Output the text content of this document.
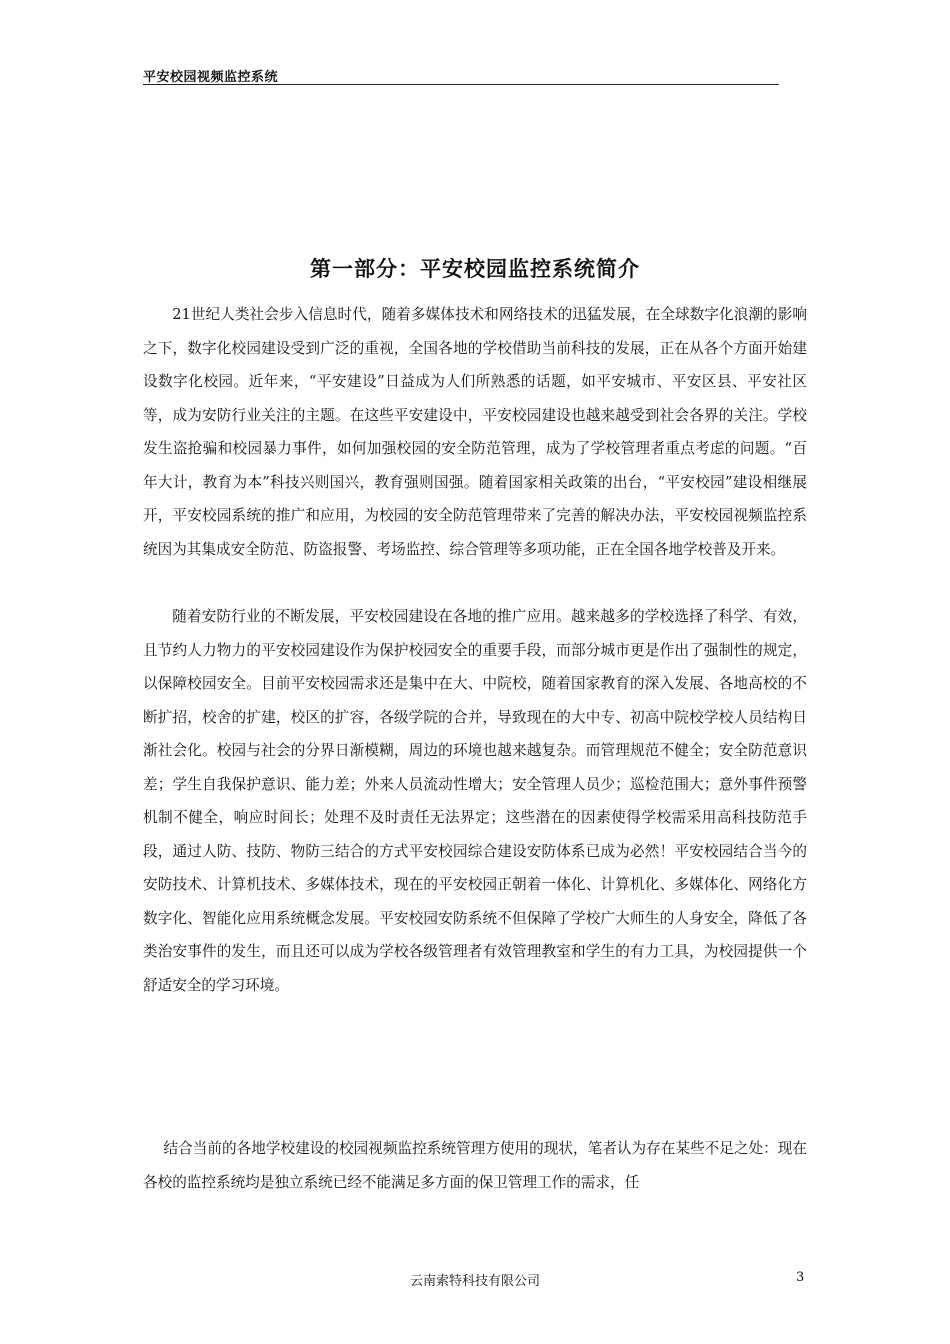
平安校园视频监控系统
第一部分：平安校园监控系统简介

21世纪人类社会步入信息时代，随着多媒体技术和网络技术的迅猛发展，在全球数字化浪潮的影响之下，数字化校园建设受到广泛的重视，全国各地的学校借助当前科技的发展，正在从各个方面开始建设数字化校园。近年来，“平安建设”日益成为人们所熟悉的话题，如平安城市、平安区县、平安社区等，成为安防行业关注的主题。在这些平安建设中，平安校园建设也越来越受到社会各界的关注。学校发生盗抢骗和校园暴力事件，如何加强校园的安全防范管理，成为了学校管理者重点考虑的问题。“百年大计，教育为本”科技兴则国兴，教育强则国强。随着国家相关政策的出台，“平安校园”建设相继展开，平安校园系统的推广和应用，为校园的安全防范管理带来了完善的解决办法，平安校园视频监控系统因为其集成安全防范、防盗报警、考场监控、综合管理等多项功能，正在全国各地学校普及开来。

随着安防行业的不断发展，平安校园建设在各地的推广应用。越来越多的学校选择了科学、有效，且节约人力物力的平安校园建设作为保护校园安全的重要手段，而部分城市更是作出了强制性的规定，以保障校园安全。目前平安校园需求还是集中在大、中院校，随着国家教育的深入发展、各地高校的不断扩招，校舍的扩建，校区的扩容，各级学院的合并，导致现在的大中专、初高中院校学校人员结构日渐社会化。校园与社会的分界日渐模糊，周边的环境也越来越复杂。而管理规范不健全；安全防范意识差；学生自我保护意识、能力差；外来人员流动性增大；安全管理人员少；巡检范围大；意外事件预警机制不健全，响应时间长；处理不及时责任无法界定；这些潜在的因素使得学校需采用高科技防范手段，通过人防、技防、物防三结合的方式平安校园综合建设安防体系已成为必然！平安校园结合当今的安防技术、计算机技术、多媒体技术，现在的平安校园正朝着一体化、计算机化、多媒体化、网络化方数字化、智能化应用系统概念发展。平安校园安防系统不但保障了学校广大师生的人身安全，降低了各类治安事件的发生，而且还可以成为学校各级管理者有效管理教室和学生的有力工具，为校园提供一个舒适安全的学习环境。

结合当前的各地学校建设的校园视频监控系统管理方使用的现状，笔者认为存在某些不足之处：现在各校的监控系统均是独立系统已经不能满足多方面的保卫管理工作的需求，任

云南索特科技有限公司	3
